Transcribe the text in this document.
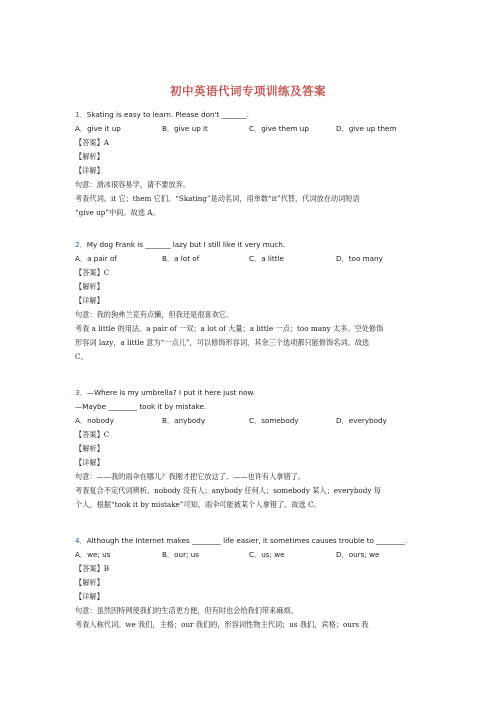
初中英语代词专项训练及答案
1．Skating is easy to learn. Please don't _______.
A．give it up	B．give up it	C．give them up	D．give up them
【答案】A
【解析】
【详解】
句意：滑冰很容易学，请不要放弃。
考查代词。it 它；them 它们。“Skating”是动名词，用单数“it”代替，代词放在动词短语
“give up”中间。故选 A。
2．My dog Frank is _______ lazy but I still like it very much.
A．a pair of	B．a lot of	C．a little	D．too many
【答案】C
【解析】
【详解】
句意：我的狗弗兰克有点懒，但我还是很喜欢它。
考查 a little 的用法。a pair of 一双；a lot of 大量；a little 一点；too many 太多。空处修饰
形容词 lazy，a little 意为“一点儿”，可以修饰形容词，其余三个选项都只能修饰名词。故选
C。
3．—Where is my umbrella? I put it here just now.
—Maybe ________ took it by mistake.
A．nobody	B．anybody	C．somebody	D．everybody
【答案】C
【解析】
【详解】
句意：——我的雨伞在哪儿？我刚才把它放这了。——也许有人拿错了。
考查复合不定代词辨析。nobody 没有人；anybody 任何人；somebody 某人；everybody 每
个人。根据“took it by mistake”可知，雨伞可能被某个人拿错了。故选 C。
4．Although the Internet makes ________ life easier, it sometimes causes trouble to ________.
A．we; us	B．our; us	C．us; we	D．ours; we
【答案】B
【解析】
【详解】
句意：虽然因特网使我们的生活更方便，但有时也会给我们带来麻烦。
考查人称代词。we 我们，主格；our 我们的，形容词性物主代词；us 我们，宾格；ours 我
